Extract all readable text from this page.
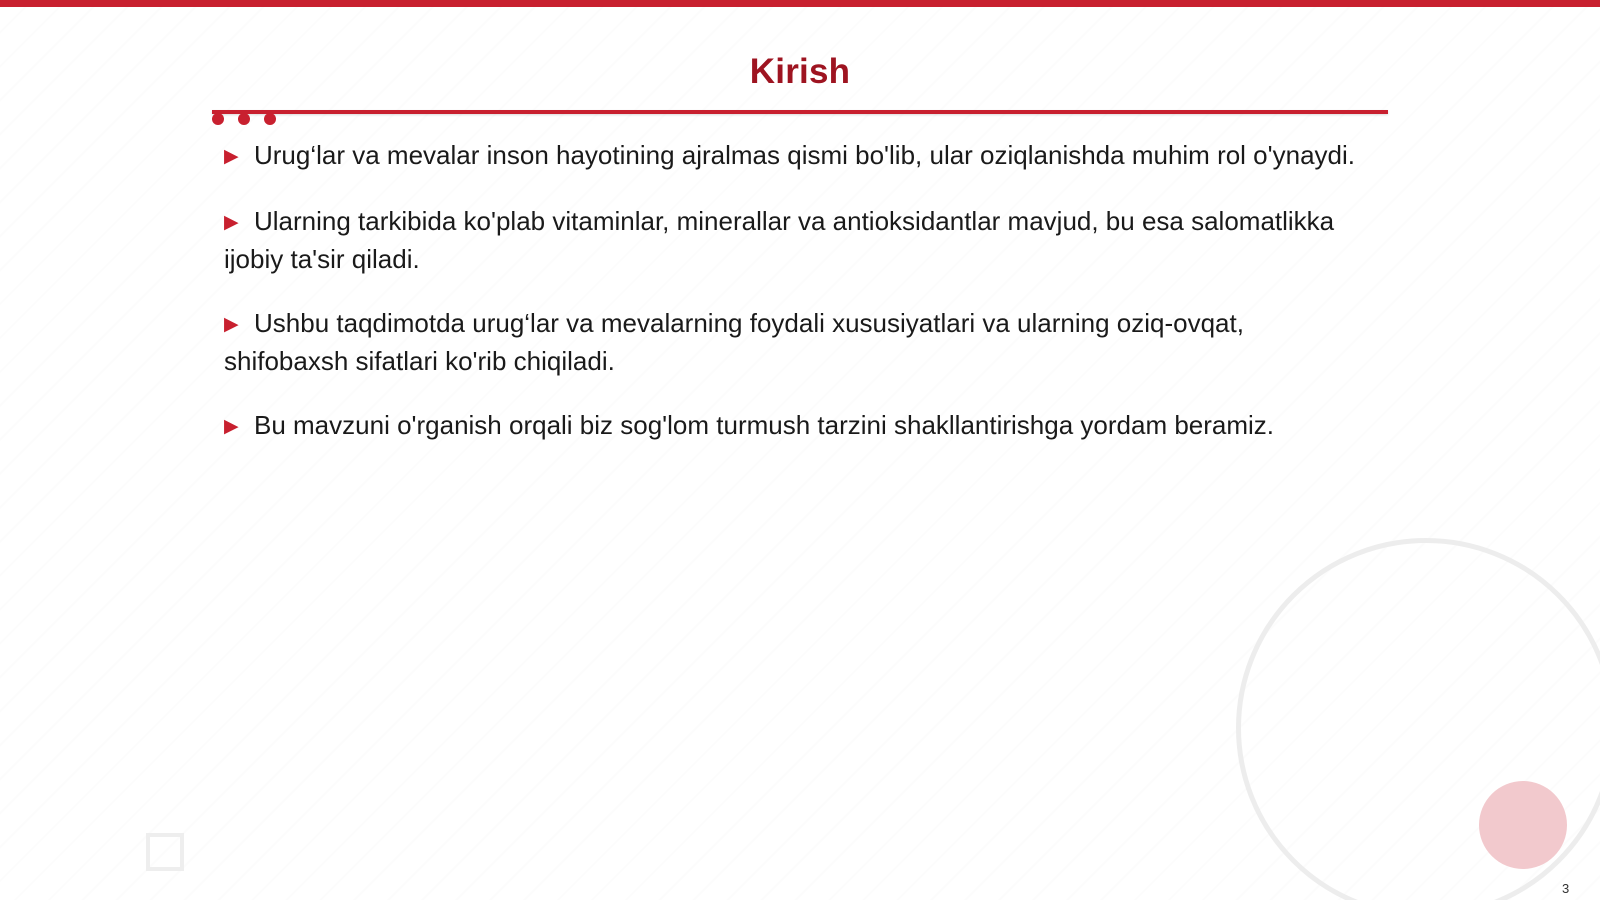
Kirish
▶ Urug‘lar va mevalar inson hayotining ajralmas qismi bo'lib, ular oziqlanishda muhim rol o'ynaydi.
▶ Ularning tarkibida ko'plab vitaminlar, minerallar va antioksidantlar mavjud, bu esa salomatlikka ijobiy ta'sir qiladi.
▶ Ushbu taqdimotda urug‘lar va mevalarning foydali xususiyatlari va ularning oziq-ovqat, shifobaxsh sifatlari ko'rib chiqiladi.
▶ Bu mavzuni o'rganish orqali biz sog'lom turmush tarzini shakllantirishga yordam beramiz.
3
